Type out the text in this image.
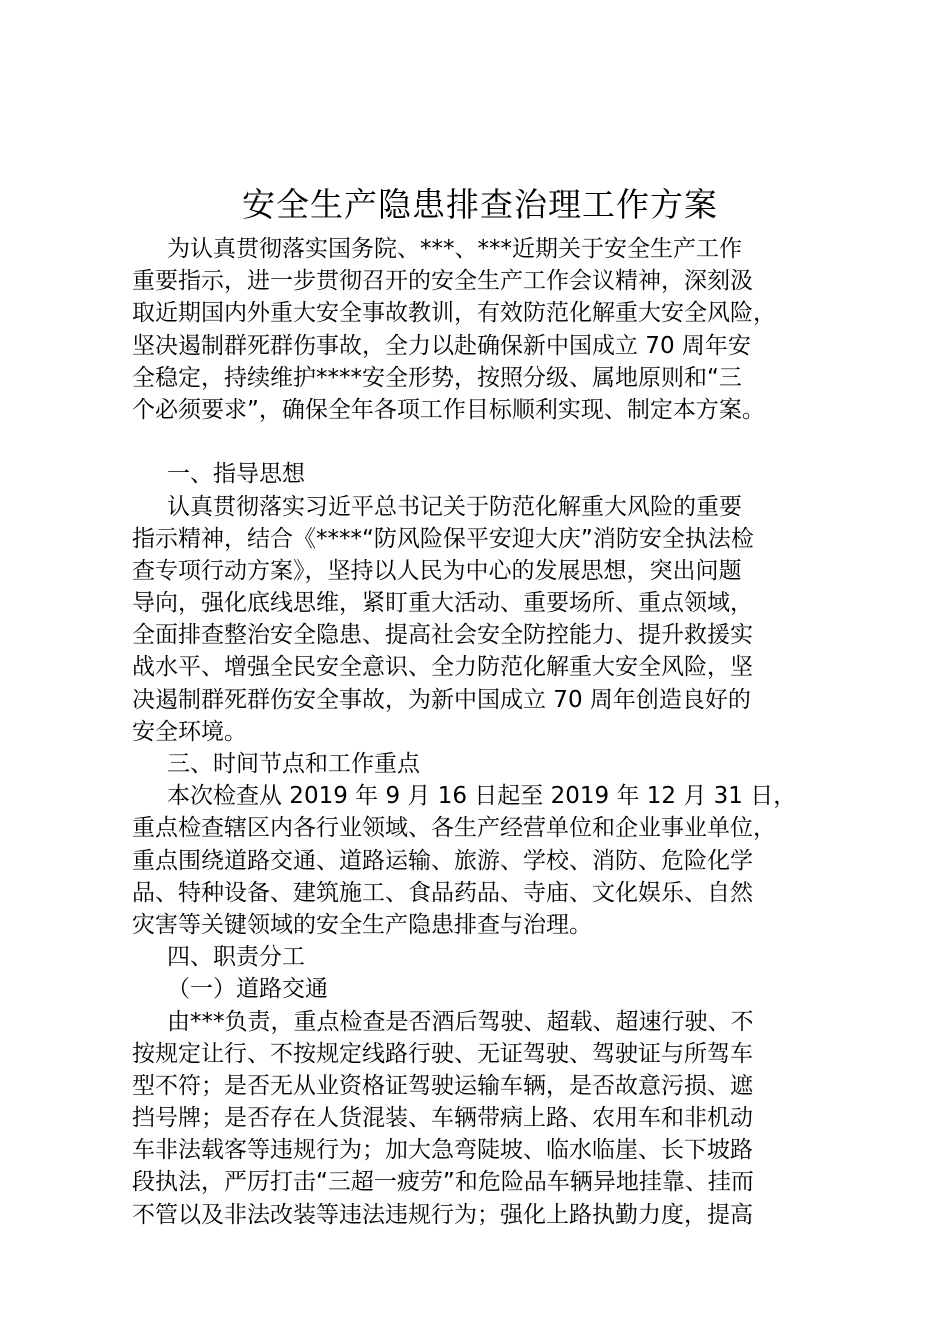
安全生产隐患排查治理工作方案
为认真贯彻落实国务院、***、***近期关于安全生产工作
重要指示，进一步贯彻召开的安全生产工作会议精神，深刻汲
取近期国内外重大安全事故教训，有效防范化解重大安全风险，
坚决遏制群死群伤事故，全力以赴确保新中国成立 70 周年安
全稳定，持续维护****安全形势，按照分级、属地原则和“三
个必须要求”，确保全年各项工作目标顺利实现、制定本方案。
一、指导思想
认真贯彻落实习近平总书记关于防范化解重大风险的重要
指示精神，结合《****“防风险保平安迎大庆”消防安全执法检
查专项行动方案》，坚持以人民为中心的发展思想，突出问题
导向，强化底线思维，紧盯重大活动、重要场所、重点领域，
全面排查整治安全隐患、提高社会安全防控能力、提升救援实
战水平、增强全民安全意识、全力防范化解重大安全风险，坚
决遏制群死群伤安全事故，为新中国成立 70 周年创造良好的
安全环境。
三、时间节点和工作重点
本次检查从 2019 年 9 月 16 日起至 2019 年 12 月 31 日，
重点检查辖区内各行业领域、各生产经营单位和企业事业单位，
重点围绕道路交通、道路运输、旅游、学校、消防、危险化学
品、特种设备、建筑施工、食品药品、寺庙、文化娱乐、自然
灾害等关键领域的安全生产隐患排查与治理。
四、职责分工
（一）道路交通
由***负责，重点检查是否酒后驾驶、超载、超速行驶、不
按规定让行、不按规定线路行驶、无证驾驶、驾驶证与所驾车
型不符；是否无从业资格证驾驶运输车辆，是否故意污损、遮
挡号牌；是否存在人货混装、车辆带病上路、农用车和非机动
车非法载客等违规行为；加大急弯陡坡、临水临崖、长下坡路
段执法，严厉打击“三超一疲劳”和危险品车辆异地挂靠、挂而
不管以及非法改装等违法违规行为；强化上路执勤力度，提高
